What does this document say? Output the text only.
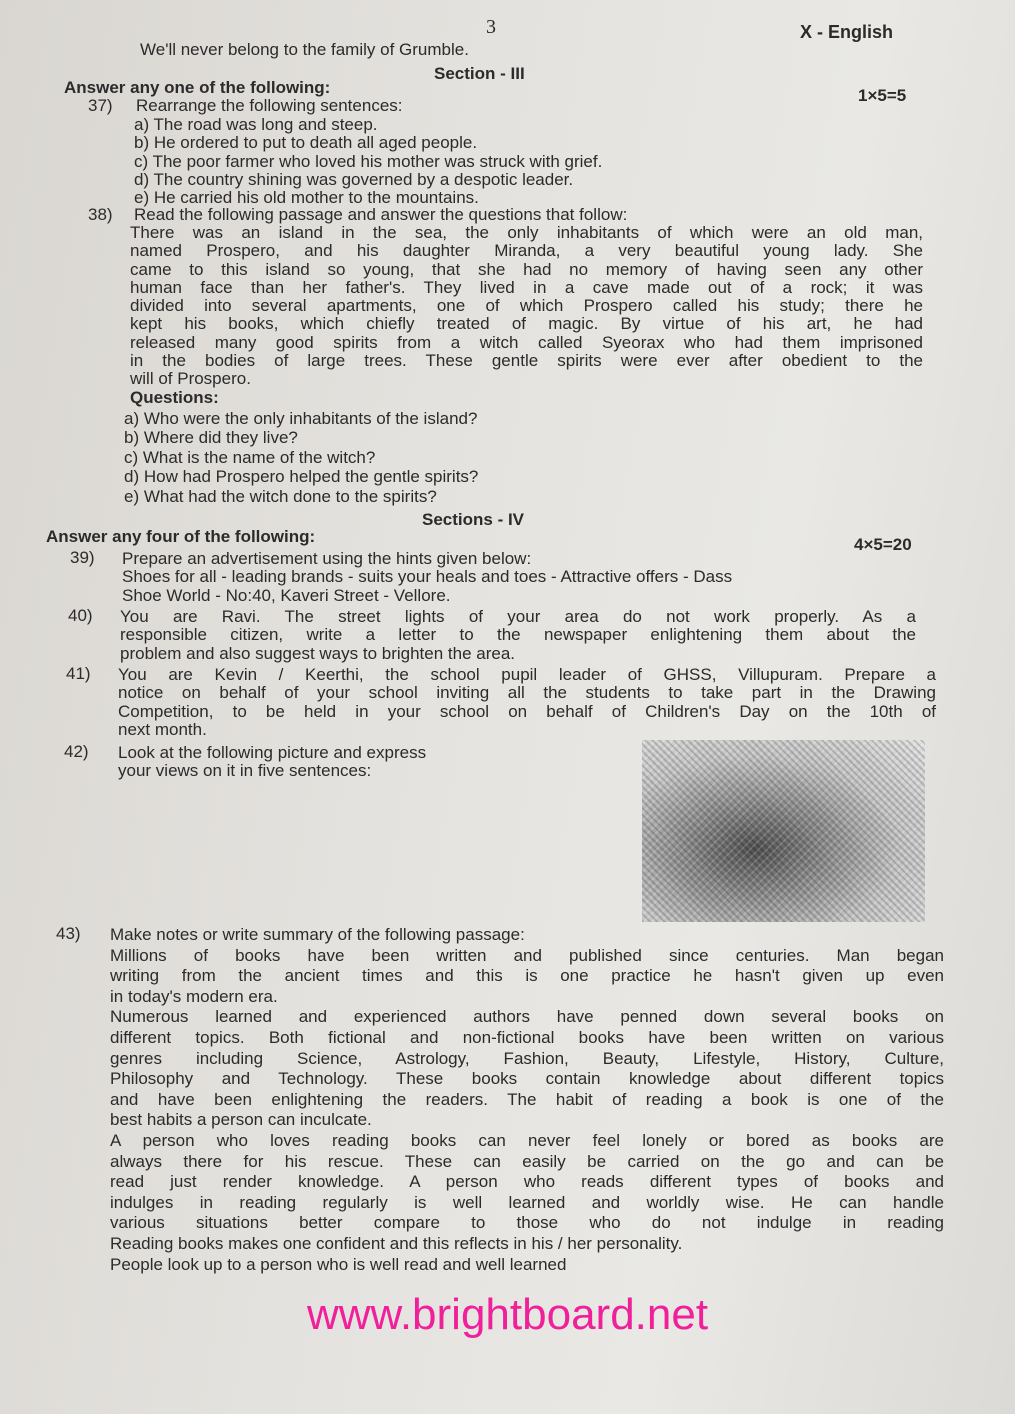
3	X - English
We'll never belong to the family of Grumble.
Section - III
Answer any one of the following:	1×5=5
37) Rearrange the following sentences:
a) The road was long and steep.
b) He ordered to put to death all aged people.
c) The poor farmer who loved his mother was struck with grief.
d) The country shining was governed by a despotic leader.
e) He carried his old mother to the mountains.
38) Read the following passage and answer the questions that follow:
There was an island in the sea, the only inhabitants of which were an old man,
named Prospero, and his daughter Miranda, a very beautiful young lady. She
came to this island so young, that she had no memory of having seen any other
human face than her father's. They lived in a cave made out of a rock; it was
divided into several apartments, one of which Prospero called his study; there he
kept his books, which chiefly treated of magic. By virtue of his art, he had
released many good spirits from a witch called Syeorax who had them imprisoned
in the bodies of large trees. These gentle spirits were ever after obedient to the
will of Prospero.
Questions:
a) Who were the only inhabitants of the island?
b) Where did they live?
c) What is the name of the witch?
d) How had Prospero helped the gentle spirits?
e) What had the witch done to the spirits?
Sections - IV
Answer any four of the following:	4×5=20
39) Prepare an advertisement using the hints given below:
Shoes for all - leading brands - suits your heals and toes - Attractive offers - Dass
Shoe World - No:40, Kaveri Street - Vellore.
40) You are Ravi. The street lights of your area do not work properly. As a
responsible citizen, write a letter to the newspaper enlightening them about the
problem and also suggest ways to brighten the area.
41) You are Kevin / Keerthi, the school pupil leader of GHSS, Villupuram. Prepare a
notice on behalf of your school inviting all the students to take part in the Drawing
Competition, to be held in your school on behalf of Children's Day on the 10th of
next month.
42) Look at the following picture and express
your views on it in five sentences:
43) Make notes or write summary of the following passage:
Millions of books have been written and published since centuries. Man began
writing from the ancient times and this is one practice he hasn't given up even
in today's modern era.
Numerous learned and experienced authors have penned down several books on
different topics. Both fictional and non-fictional books have been written on various
genres including Science, Astrology, Fashion, Beauty, Lifestyle, History, Culture,
Philosophy and Technology. These books contain knowledge about different topics
and have been enlightening the readers. The habit of reading a book is one of the
best habits a person can inculcate.
A person who loves reading books can never feel lonely or bored as books are
always there for his rescue. These can easily be carried on the go and can be
read just render knowledge. A person who reads different types of books and
indulges in reading regularly is well learned and worldly wise. He can handle
various situations better compare to those who do not indulge in reading
Reading books makes one confident and this reflects in his / her personality.
People look up to a person who is well read and well learned
www.brightboard.net
